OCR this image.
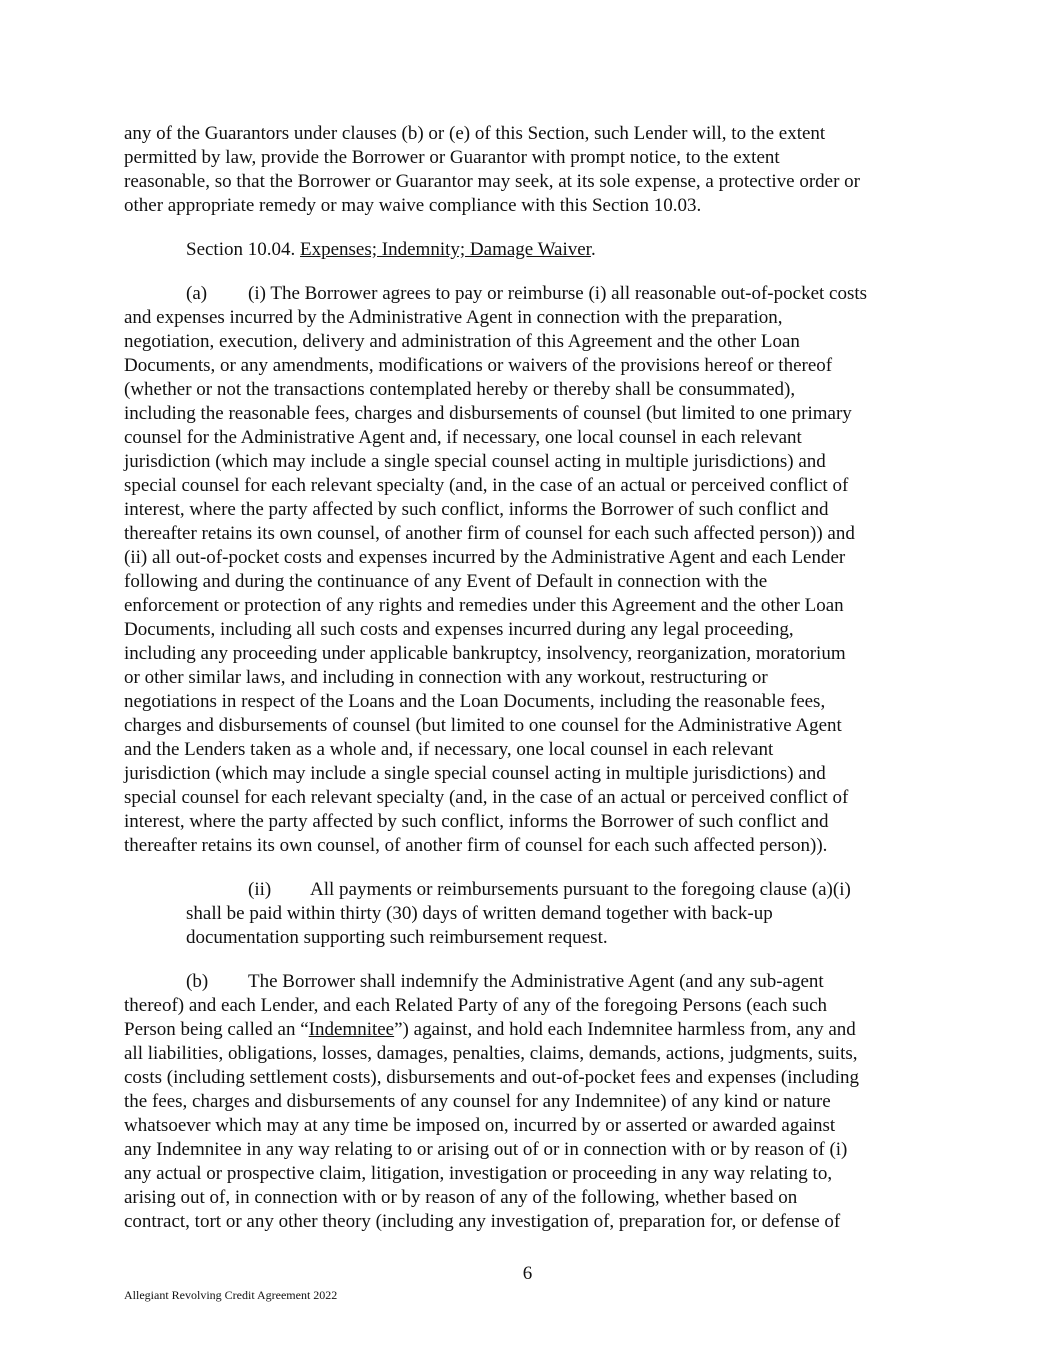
any of the Guarantors under clauses (b) or (e) of this Section, such Lender will, to the extent
permitted by law, provide the Borrower or Guarantor with prompt notice, to the extent
reasonable, so that the Borrower or Guarantor may seek, at its sole expense, a protective order or
other appropriate remedy or may waive compliance with this Section 10.03.
Section 10.04. Expenses; Indemnity; Damage Waiver.
(a) (i) The Borrower agrees to pay or reimburse (i) all reasonable out-of-pocket costs
and expenses incurred by the Administrative Agent in connection with the preparation,
negotiation, execution, delivery and administration of this Agreement and the other Loan
Documents, or any amendments, modifications or waivers of the provisions hereof or thereof
(whether or not the transactions contemplated hereby or thereby shall be consummated),
including the reasonable fees, charges and disbursements of counsel (but limited to one primary
counsel for the Administrative Agent and, if necessary, one local counsel in each relevant
jurisdiction (which may include a single special counsel acting in multiple jurisdictions) and
special counsel for each relevant specialty (and, in the case of an actual or perceived conflict of
interest, where the party affected by such conflict, informs the Borrower of such conflict and
thereafter retains its own counsel, of another firm of counsel for each such affected person)) and
(ii) all out-of-pocket costs and expenses incurred by the Administrative Agent and each Lender
following and during the continuance of any Event of Default in connection with the
enforcement or protection of any rights and remedies under this Agreement and the other Loan
Documents, including all such costs and expenses incurred during any legal proceeding,
including any proceeding under applicable bankruptcy, insolvency, reorganization, moratorium
or other similar laws, and including in connection with any workout, restructuring or
negotiations in respect of the Loans and the Loan Documents, including the reasonable fees,
charges and disbursements of counsel (but limited to one counsel for the Administrative Agent
and the Lenders taken as a whole and, if necessary, one local counsel in each relevant
jurisdiction (which may include a single special counsel acting in multiple jurisdictions) and
special counsel for each relevant specialty (and, in the case of an actual or perceived conflict of
interest, where the party affected by such conflict, informs the Borrower of such conflict and
thereafter retains its own counsel, of another firm of counsel for each such affected person)).
(ii) All payments or reimbursements pursuant to the foregoing clause (a)(i)
shall be paid within thirty (30) days of written demand together with back-up
documentation supporting such reimbursement request.
(b) The Borrower shall indemnify the Administrative Agent (and any sub-agent
thereof) and each Lender, and each Related Party of any of the foregoing Persons (each such
Person being called an “Indemnitee”) against, and hold each Indemnitee harmless from, any and
all liabilities, obligations, losses, damages, penalties, claims, demands, actions, judgments, suits,
costs (including settlement costs), disbursements and out-of-pocket fees and expenses (including
the fees, charges and disbursements of any counsel for any Indemnitee) of any kind or nature
whatsoever which may at any time be imposed on, incurred by or asserted or awarded against
any Indemnitee in any way relating to or arising out of or in connection with or by reason of (i)
any actual or prospective claim, litigation, investigation or proceeding in any way relating to,
arising out of, in connection with or by reason of any of the following, whether based on
contract, tort or any other theory (including any investigation of, preparation for, or defense of
6
Allegiant Revolving Credit Agreement 2022
